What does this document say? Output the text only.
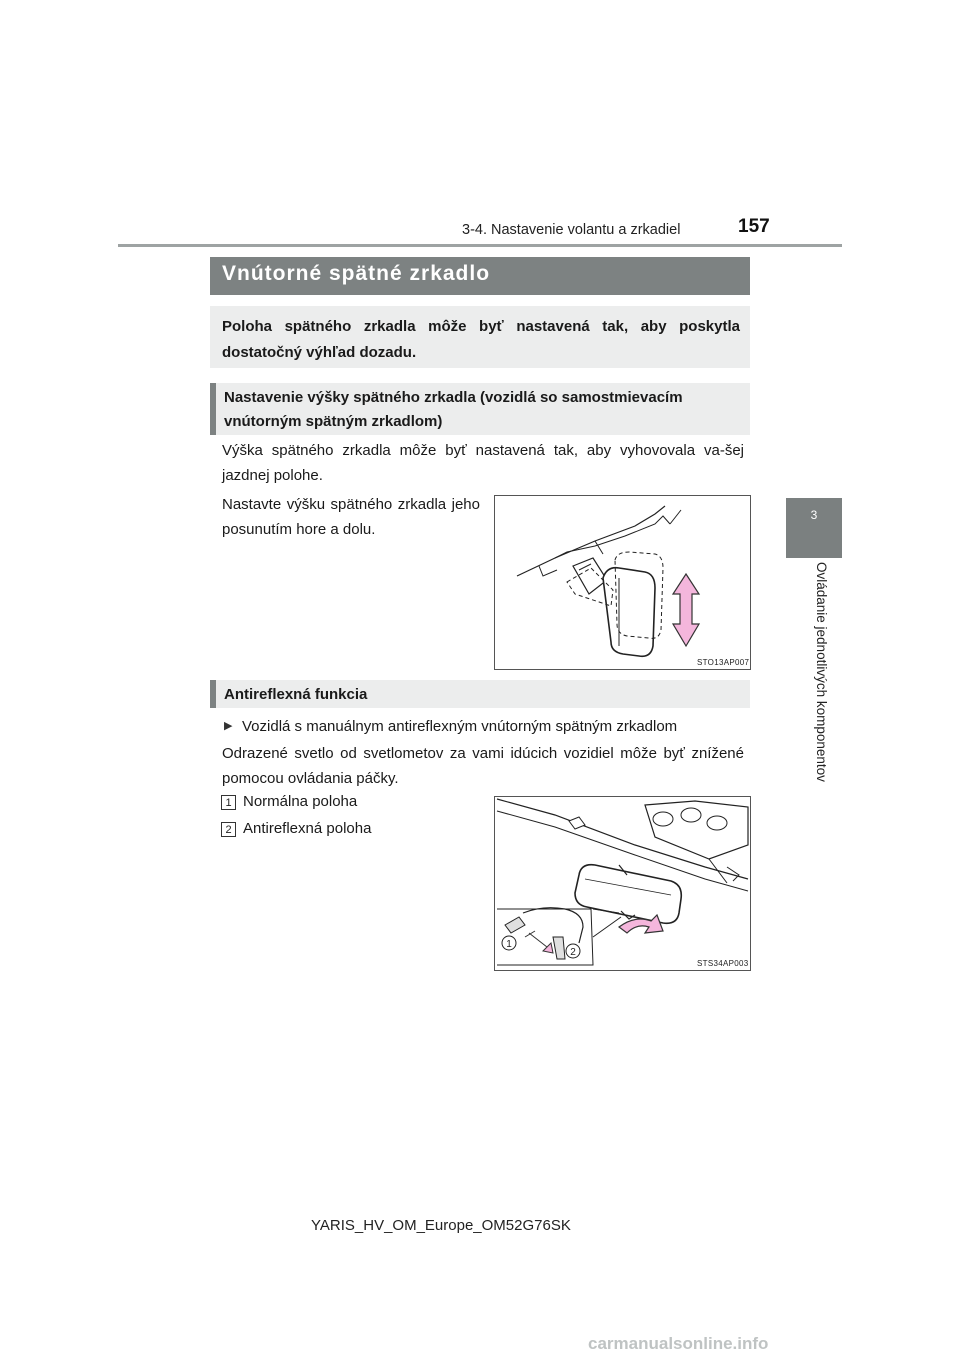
3-4. Nastavenie volantu a zrkadiel	157
3
Ovládanie jednotlivých komponentov
Vnútorné spätné zrkadlo
Poloha spätného zrkadla môže byť nastavená tak, aby poskytla dostatočný výhľad dozadu.
Nastavenie výšky spätného zrkadla (vozidlá so samostmievacím vnútorným spätným zrkadlom)
Výška spätného zrkadla môže byť nastavená tak, aby vyhovovala va-šej jazdnej polohe.
Nastavte výšku spätného zrkadla jeho posunutím hore a dolu.
STO13AP007
Antireflexná funkcia
▶ Vozidlá s manuálnym antireflexným vnútorným spätným zrkadlom
Odrazené svetlo od svetlometov za vami idúcich vozidiel môže byť znížené pomocou ovládania páčky.
1 Normálna poloha
2 Antireflexná poloha
1
2
STS34AP003
YARIS_HV_OM_Europe_OM52G76SK
carmanualsonline.info
